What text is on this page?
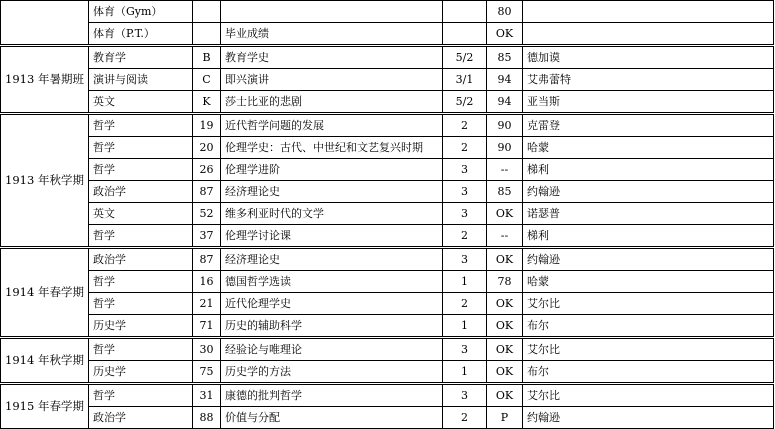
	体育（Gym）				80	
	体育（P.T.）		毕业成绩		OK	
1913 年暑期班	教育学	B	教育学史	5/2	85	德加谟
	演讲与阅读	C	即兴演讲	3/1	94	艾弗蕾特
	英文	K	莎士比亚的悲剧	5/2	94	亚当斯
1913 年秋学期	哲学	19	近代哲学问题的发展	2	90	克雷登
	哲学	20	伦理学史：古代、中世纪和文艺复兴时期	2	90	哈蒙
	哲学	26	伦理学进阶	3	--	梯利
	政治学	87	经济理论史	3	85	约翰逊
	英文	52	维多利亚时代的文学	3	OK	诺瑟普
	哲学	37	伦理学讨论课	2	--	梯利
1914 年春学期	政治学	87	经济理论史	3	OK	约翰逊
	哲学	16	德国哲学选读	1	78	哈蒙
	哲学	21	近代伦理学史	2	OK	艾尔比
	历史学	71	历史的辅助科学	1	OK	布尔
1914 年秋学期	哲学	30	经验论与唯理论	3	OK	艾尔比
	历史学	75	历史学的方法	1	OK	布尔
1915 年春学期	哲学	31	康德的批判哲学	3	OK	艾尔比
	政治学	88	价值与分配	2	P	约翰逊
